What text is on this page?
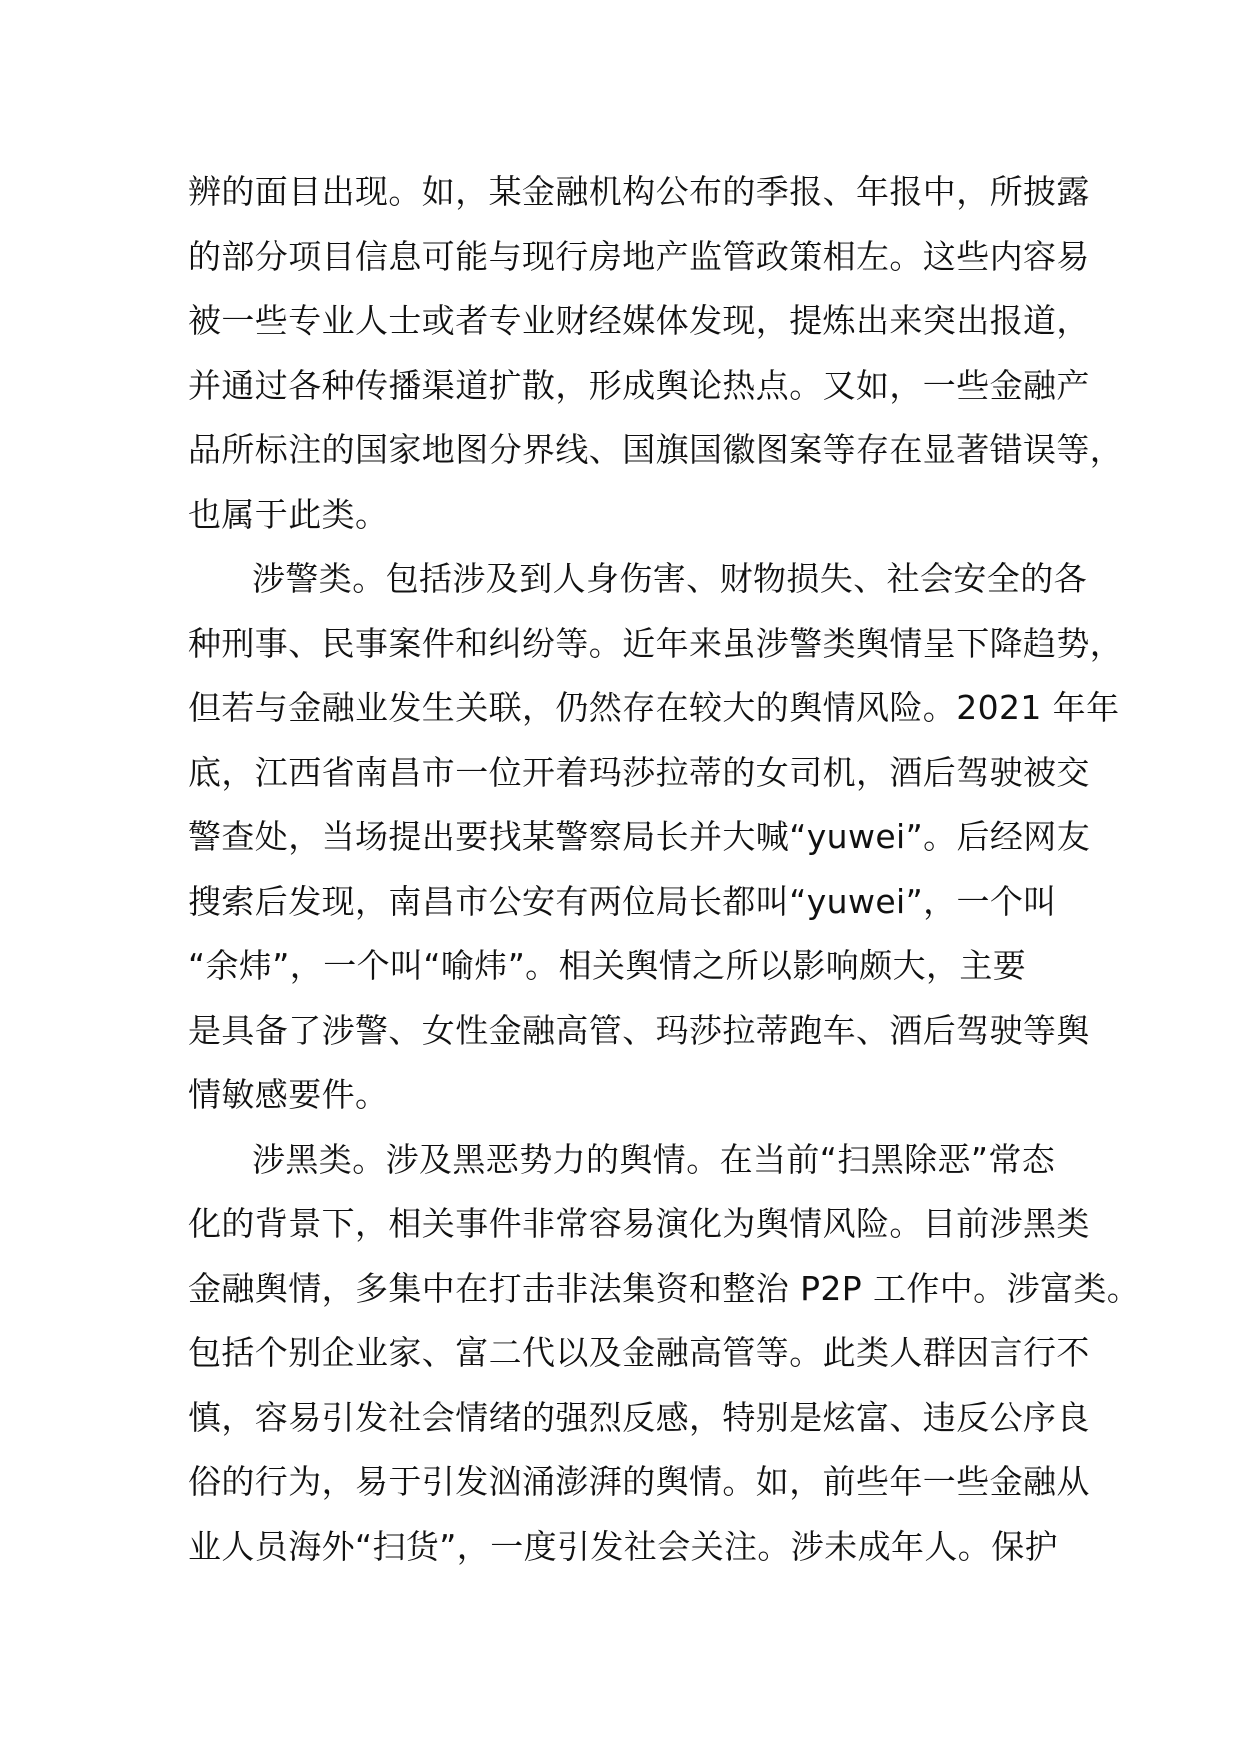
辨的面目出现。如，某金融机构公布的季报、年报中，所披露
的部分项目信息可能与现行房地产监管政策相左。这些内容易
被一些专业人士或者专业财经媒体发现，提炼出来突出报道，
并通过各种传播渠道扩散，形成舆论热点。又如，一些金融产
品所标注的国家地图分界线、国旗国徽图案等存在显著错误等，
也属于此类。
涉警类。包括涉及到人身伤害、财物损失、社会安全的各
种刑事、民事案件和纠纷等。近年来虽涉警类舆情呈下降趋势，
但若与金融业发生关联，仍然存在较大的舆情风险。2021 年年
底，江西省南昌市一位开着玛莎拉蒂的女司机，酒后驾驶被交
警查处，当场提出要找某警察局长并大喊“yuwei”。后经网友
搜索后发现，南昌市公安有两位局长都叫“yuwei”，一个叫
“余炜”，一个叫“喻炜”。相关舆情之所以影响颇大，主要
是具备了涉警、女性金融高管、玛莎拉蒂跑车、酒后驾驶等舆
情敏感要件。
涉黑类。涉及黑恶势力的舆情。在当前“扫黑除恶”常态
化的背景下，相关事件非常容易演化为舆情风险。目前涉黑类
金融舆情，多集中在打击非法集资和整治 P2P 工作中。涉富类。
包括个别企业家、富二代以及金融高管等。此类人群因言行不
慎，容易引发社会情绪的强烈反感，特别是炫富、违反公序良
俗的行为，易于引发汹涌澎湃的舆情。如，前些年一些金融从
业人员海外“扫货”，一度引发社会关注。涉未成年人。保护
